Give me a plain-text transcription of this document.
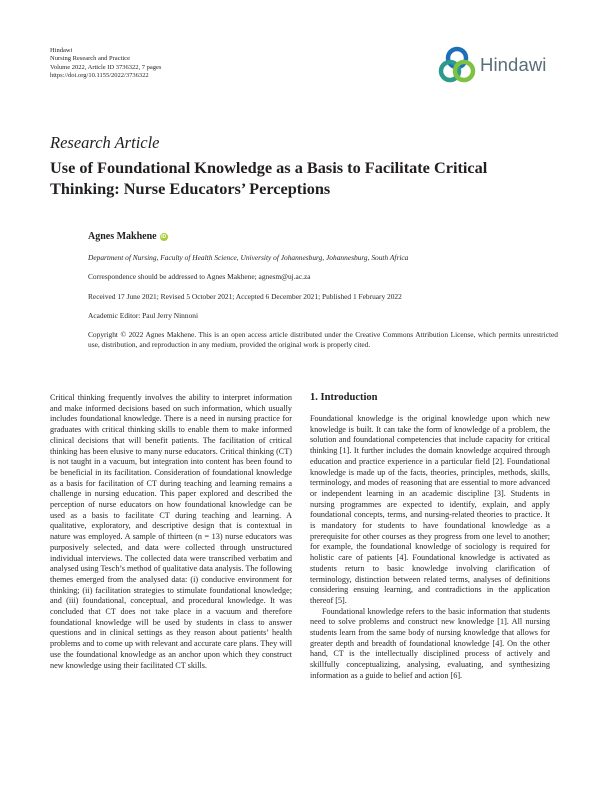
Hindawi
Nursing Research and Practice
Volume 2022, Article ID 3736322, 7 pages
https://doi.org/10.1155/2022/3736322
Hindawi
Research Article
Use of Foundational Knowledge as a Basis to Facilitate Critical Thinking: Nurse Educators’ Perceptions
Agnes Makhene iD
Department of Nursing, Faculty of Health Science, University of Johannesburg, Johannesburg, South Africa
Correspondence should be addressed to Agnes Makhene; agnesm@uj.ac.za
Received 17 June 2021; Revised 5 October 2021; Accepted 6 December 2021; Published 1 February 2022
Academic Editor: Paul Jerry Ninnoni
Copyright © 2022 Agnes Makhene. This is an open access article distributed under the Creative Commons Attribution License, which permits unrestricted use, distribution, and reproduction in any medium, provided the original work is properly cited.

Critical thinking frequently involves the ability to interpret information and make informed decisions based on such information, which usually includes foundational knowledge. There is a need in nursing practice for graduates with critical thinking skills to enable them to make informed clinical decisions that will benefit patients. The facilitation of critical thinking has been elusive to many nurse educators. Critical thinking (CT) is not taught in a vacuum, but integration into content has been found to be beneficial in its facilitation. Consideration of foundational knowledge as a basis for facilitation of CT during teaching and learning remains a challenge in nursing education. This paper explored and described the perception of nurse educators on how foundational knowledge can be used as a basis to facilitate CT during teaching and learning. A qualitative, exploratory, and descriptive design that is contextual in nature was employed. A sample of thirteen (n = 13) nurse educators was purposively selected, and data were collected through unstructured individual interviews. The collected data were transcribed verbatim and analysed using Tesch’s method of qualitative data analysis. The following themes emerged from the analysed data: (i) conducive environment for thinking; (ii) facilitation strategies to stimulate foundational knowledge; and (iii) foundational, conceptual, and procedural knowledge. It was concluded that CT does not take place in a vacuum and therefore foundational knowledge will be used by students in class to answer questions and in clinical settings as they reason about patients’ health problems and to come up with relevant and accurate care plans. They will use the foundational knowledge as an anchor upon which they construct new knowledge using their facilitated CT skills.

1. Introduction

Foundational knowledge is the original knowledge upon which new knowledge is built. It can take the form of knowledge of a problem, the solution and foundational competencies that include capacity for critical thinking [1]. It further includes the domain knowledge acquired through education and practice experience in a particular field [2]. Foundational knowledge is made up of the facts, theories, principles, methods, skills, terminology, and modes of reasoning that are essential to more advanced or independent learning in an academic discipline [3]. Students in nursing programmes are expected to identify, explain, and apply foundational concepts, terms, and nursing-related theories to practice. It is mandatory for students to have foundational knowledge as a prerequisite for other courses as they progress from one level to another; for example, the foundational knowledge of sociology is required for holistic care of patients [4]. Foundational knowledge is activated as students return to basic knowledge involving clarification of terminology, distinction between related terms, analyses of definitions considering ensuing learning, and contradictions in the application thereof [5].

Foundational knowledge refers to the basic information that students need to solve problems and construct new knowledge [1]. All nursing students learn from the same body of nursing knowledge that allows for greater depth and breadth of foundational knowledge [4]. On the other hand, CT is the intellectually disciplined process of actively and skillfully conceptualizing, analysing, evaluating, and synthesizing information as a guide to belief and action [6].
